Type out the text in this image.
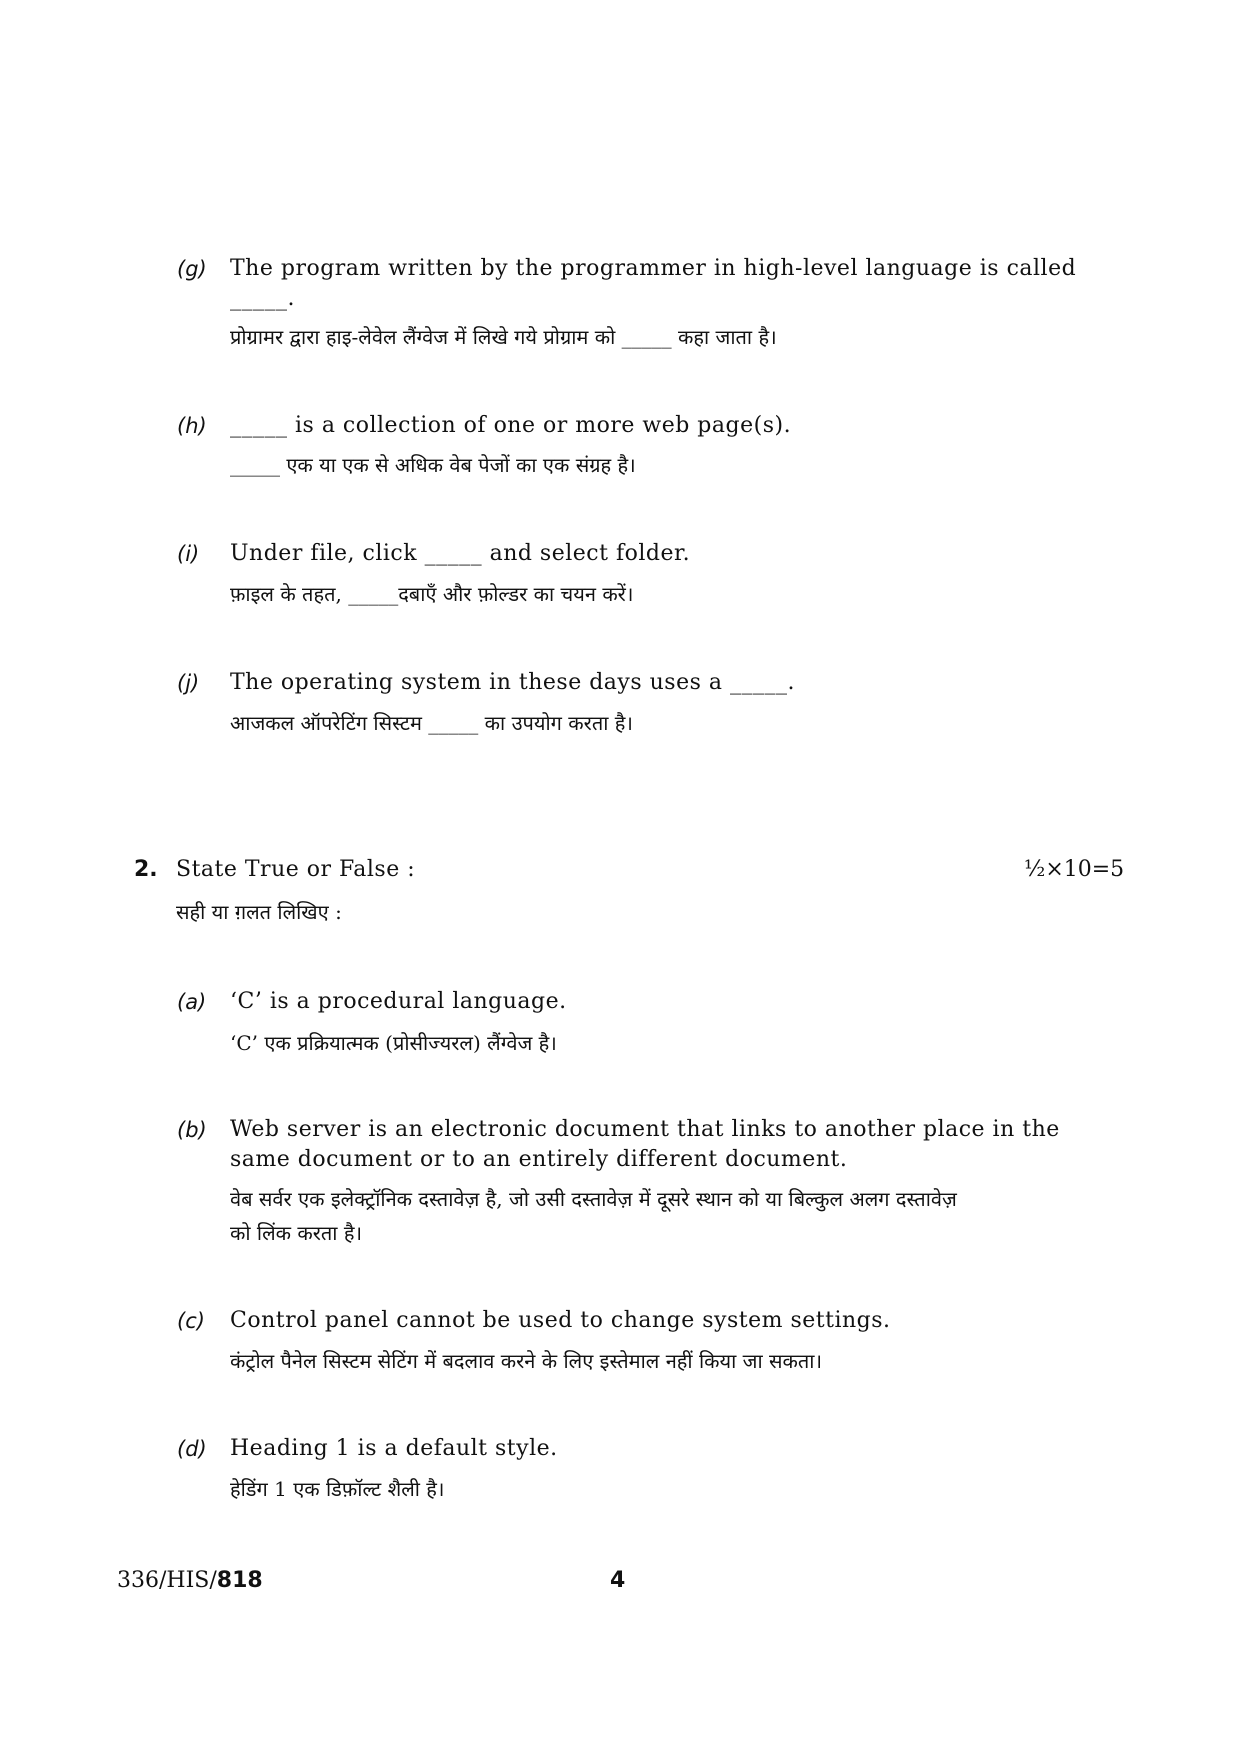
(g) The program written by the programmer in high-level language is called
_____.
प्रोग्रामर द्वारा हाइ-लेवेल लैंग्वेज में लिखे गये प्रोग्राम को _____ कहा जाता है।
(h) _____ is a collection of one or more web page(s).
_____ एक या एक से अधिक वेब पेजों का एक संग्रह है।
(i) Under file, click _____ and select folder.
फ़ाइल के तहत, _____दबाएँ और फ़ोल्डर का चयन करें।
(j) The operating system in these days uses a _____.
आजकल ऑपरेटिंग सिस्टम _____ का उपयोग करता है।
2. State True or False :	½×10=5
सही या ग़लत लिखिए :
(a) ‘C’ is a procedural language.
‘C’ एक प्रक्रियात्मक (प्रोसीज्यरल) लैंग्वेज है।
(b) Web server is an electronic document that links to another place in the
same document or to an entirely different document.
वेब सर्वर एक इलेक्ट्रॉनिक दस्तावेज़ है, जो उसी दस्तावेज़ में दूसरे स्थान को या बिल्कुल अलग दस्तावेज़
को लिंक करता है।
(c) Control panel cannot be used to change system settings.
कंट्रोल पैनेल सिस्टम सेटिंग में बदलाव करने के लिए इस्तेमाल नहीं किया जा सकता।
(d) Heading 1 is a default style.
हेडिंग 1 एक डिफ़ॉल्ट शैली है।
336/HIS/818	4
